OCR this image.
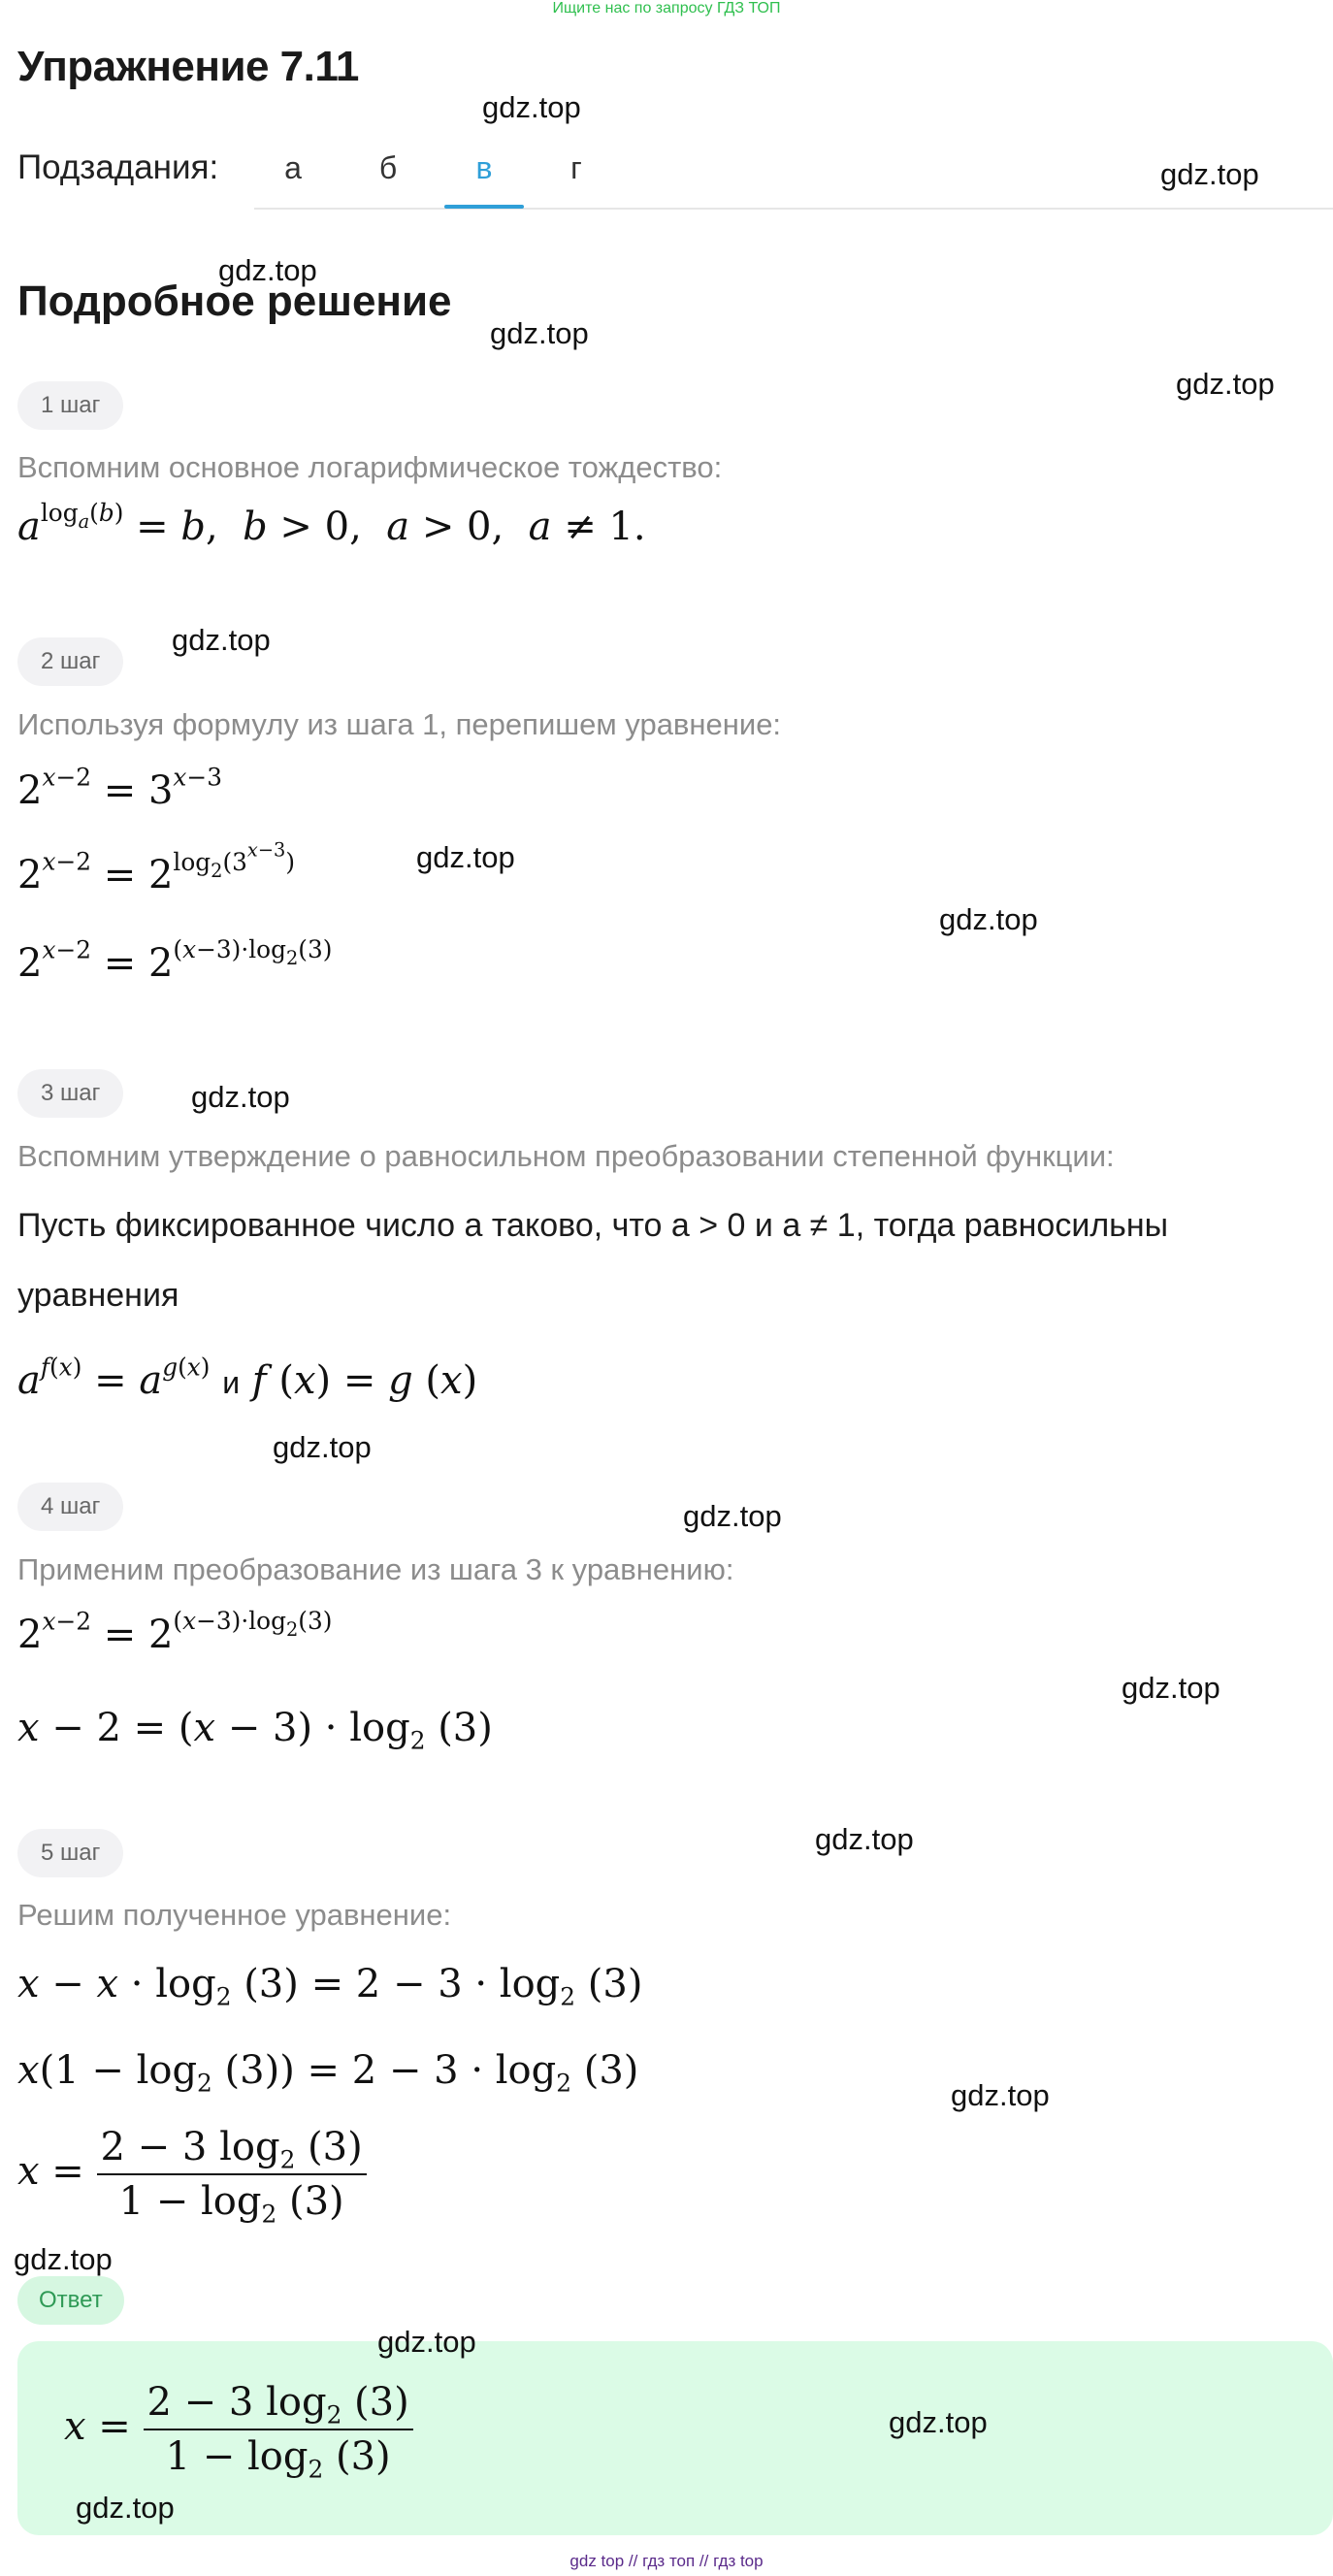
Ищите нас по запросу ГДЗ ТОП
Упражнение 7.11
Подзадания:	а	б	в	г
Подробное решение
1 шаг
Вспомним основное логарифмическое тождество:
$a^{log_a(b)} = b$,  b > 0,  a > 0,  a ≠ 1.
2 шаг
Используя формулу из шага 1, перепишем уравнение:
$2^{x-2} = 3^{x-3}$
$2^{x-2} = 2^{log_2(3^{x-3})}$
$2^{x-2} = 2^{(x-3)\cdot log_2(3)}$
3 шаг
Вспомним утверждение о равносильном преобразовании степенной функции:
Пусть фиксированное число a таково, что a > 0 и a ≠ 1, тогда равносильны
уравнения
$a^{f(x)} = a^{g(x)}$ и f (x) = g (x)
4 шаг
Применим преобразование из шага 3 к уравнению:
$2^{x-2} = 2^{(x-3)\cdot log_2(3)}$
$x - 2 = (x - 3) \cdot \log_2 (3)$
5 шаг
Решим полученное уравнение:
$x - x \cdot \log_2 (3) = 2 - 3 \cdot \log_2 (3)$
$x(1 - \log_2 (3)) = 2 - 3 \cdot \log_2 (3)$
$x = \frac{2 - 3 \log_2 (3)}{1 - \log_2 (3)}$
Ответ
$x = \frac{2 - 3 \log_2 (3)}{1 - \log_2 (3)}$
gdz.top
gdz.top
gdz.top
gdz.top
gdz.top
gdz.top
gdz.top
gdz.top
gdz.top
gdz.top
gdz.top
gdz.top
gdz.top
gdz.top
gdz.top
gdz.top
gdz.top
gdz.top
gdz top // гдз топ // гдз top
